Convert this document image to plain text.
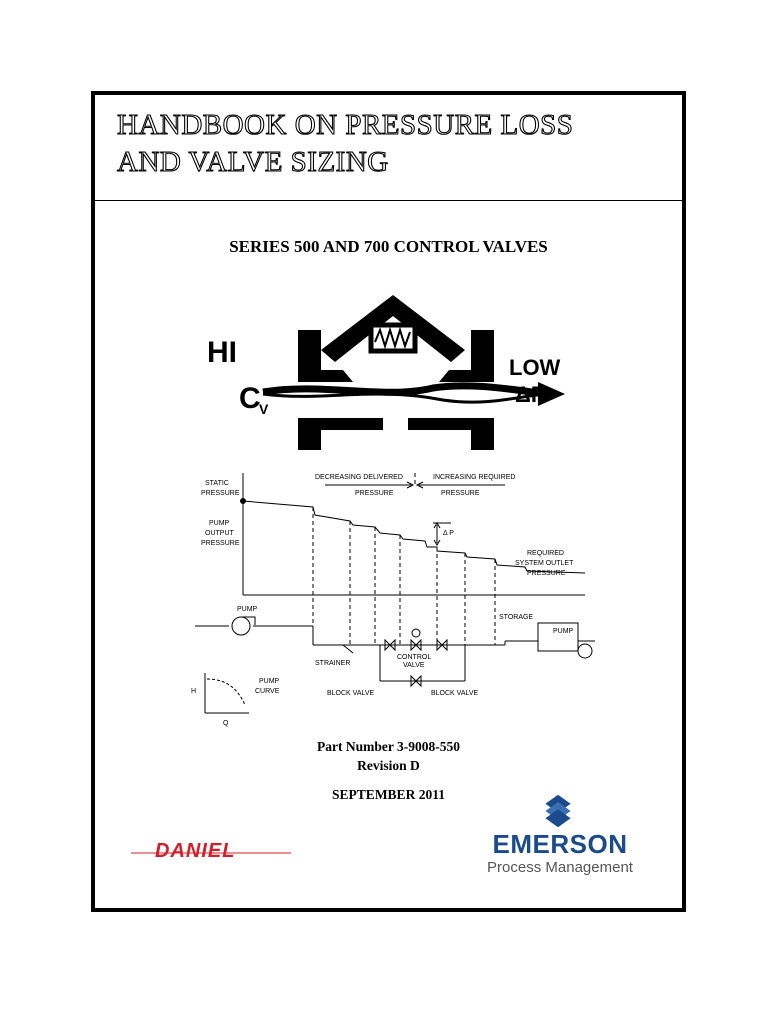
HANDBOOK ON PRESSURE LOSS
AND VALVE SIZING
SERIES 500 AND 700 CONTROL VALVES
HI
C
V
LOW
ΔP
STATIC
PRESSURE
PUMP
OUTPUT
PRESSURE
DECREASING DELIVERED
PRESSURE
INCREASING REQUIRED
PRESSURE
Δ P
REQUIRED
SYSTEM OUTLET
PRESSURE
PUMP
STORAGE
PUMP
STRAINER
CONTROL
VALVE
BLOCK VALVE	BLOCK VALVE
PUMP
CURVE
H
Q
Part Number 3-9008-550
Revision D
SEPTEMBER 2011
DANIEL	EMERSON
Process Management
